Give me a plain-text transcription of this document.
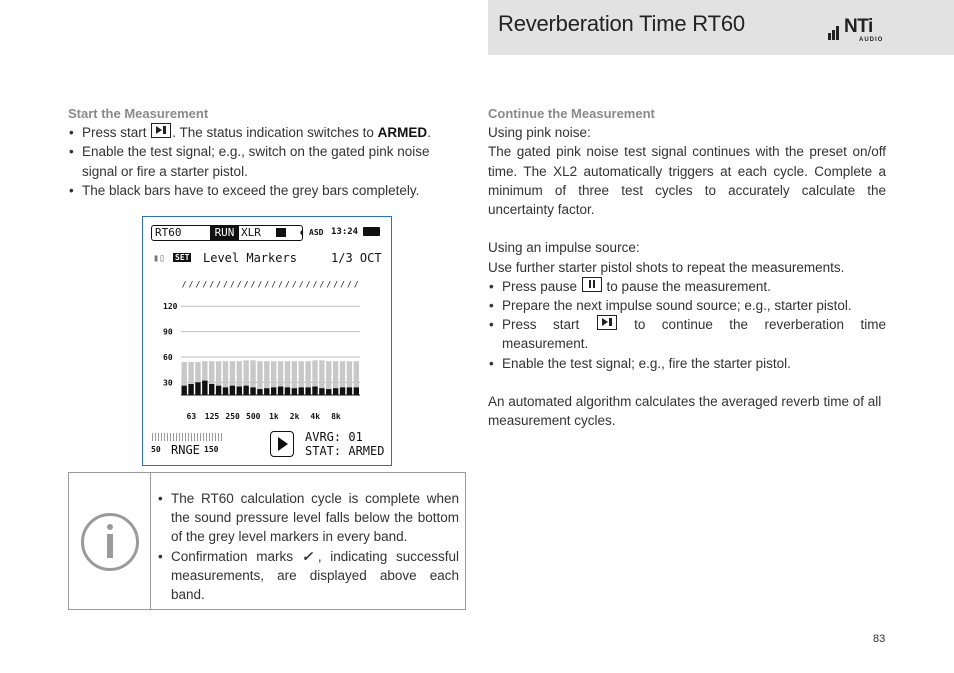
Reverberation Time RT60	NTi
AUDIO
Start the Measurement
• Press start . The status indication switches to ARMED.
• Enable the test signal; e.g., switch on the gated pink noise signal or fire a starter pistol.
• The black bars have to exceed the grey bars completely.
120
90
60
30
/ / / / / / / / / / / / / / / / / / / / / / / / / /
63 125 250 500 1k 2k 4k 8k
RT60	RUN XLR	◖ ASD 13:24
▮▯ SET Level Markers	1/3 OCT
50 RNGE 150
AVRG: 01
STAT: ARMED
• The RT60 calculation cycle is complete when the sound pressure level falls below the bottom of the grey level markers in every band.
• Confirmation marks ✓, indicating successful measurements, are displayed above each band.
Continue the Measurement
Using pink noise:
The gated pink noise test signal continues with the preset on/off time. The XL2 automatically triggers at each cycle. Complete a minimum of three test cycles to accurately calculate the uncertainty factor.
Using an impulse source:
Use further starter pistol shots to repeat the measurements.
• Press pause  to pause the measurement.
• Prepare the next impulse sound source; e.g., starter pistol.
• Press start  to continue the reverberation time measurement.
• Enable the test signal; e.g., fire the starter pistol.
An automated algorithm calculates the averaged reverb time of all measurement cycles.
83
